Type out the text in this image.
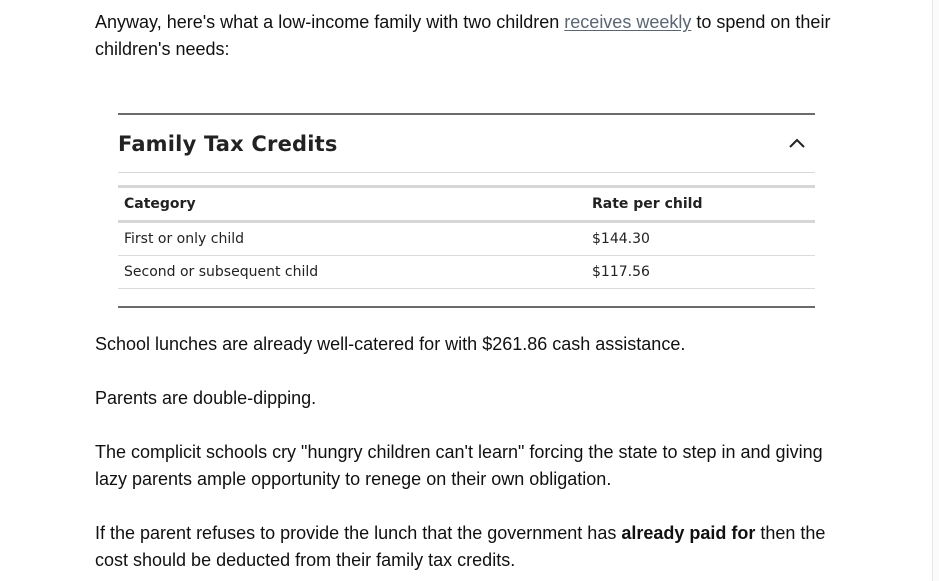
Anyway, here's what a low-income family with two children receives weekly to spend on their children's needs:

Family Tax Credits
Category	Rate per child
First or only child	$144.30
Second or subsequent child	$117.56

School lunches are already well-catered for with $261.86 cash assistance.

Parents are double-dipping.

The complicit schools cry "hungry children can't learn" forcing the state to step in and giving lazy parents ample opportunity to renege on their own obligation.

If the parent refuses to provide the lunch that the government has already paid for then the cost should be deducted from their family tax credits.
